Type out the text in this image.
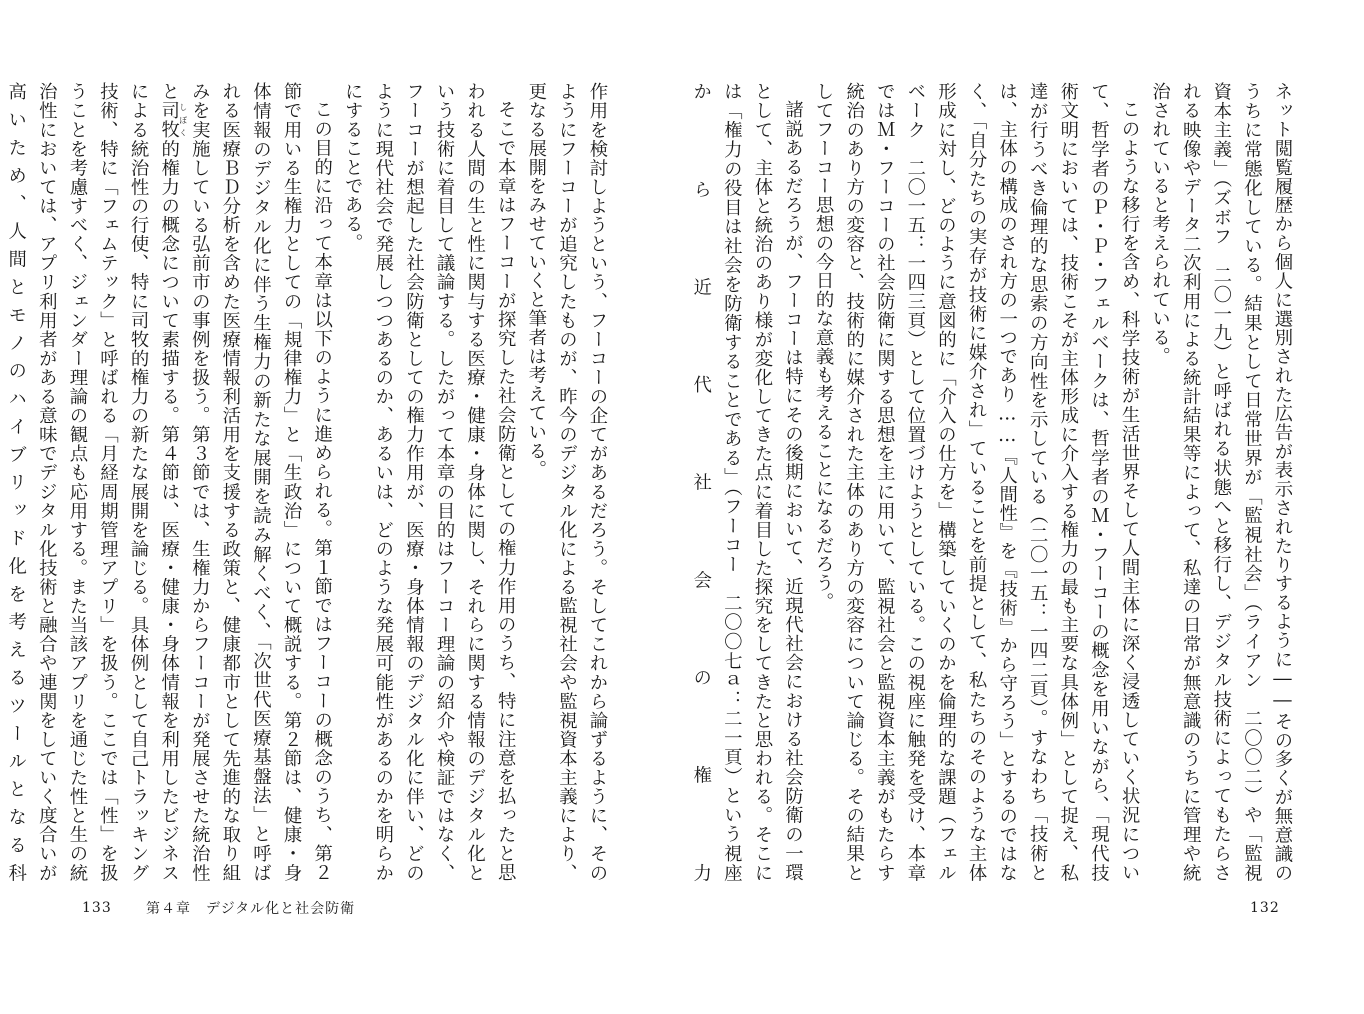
作用を検討しようという、フーコーの企てがあるだろう。そしてこれから論ずるように、そのようにフーコーが追究したものが、昨今のデジタル化による監視社会や監視資本主義により、更なる展開をみせていくと筆者は考えている。

そこで本章はフーコーが探究した社会防衛としての権力作用のうち、特に注意を払ったと思われる人間の生と性に関与する医療・健康・身体に関し、それらに関する情報のデジタル化という技術に着目して議論する。したがって本章の目的はフーコー理論の紹介や検証ではなく、フーコーが想起した社会防衛としての権力作用が、医療・身体情報のデジタル化に伴い、どのように現代社会で発展しつつあるのか、あるいは、どのような発展可能性があるのかを明らかにすることである。

この目的に沿って本章は以下のように進められる。第１節ではフーコーの概念のうち、第２節で用いる生権力としての「規律権力」と「生政治」について概説する。第２節は、健康・身体情報のデジタル化に伴う生権力の新たな展開を読み解くべく、「次世代医療基盤法」と呼ばれる医療ＢＤ分析を含めた医療情報利活用を支援する政策と、健康都市として先進的な取り組みを実施している弘前市の事例を扱う。第３節では、生権力からフーコーが発展させた統治性と司牧 しぼく的権力の概念について素描する。第４節は、医療・健康・身体情報を利用したビジネスによる統治性の行使、特に司牧的権力の新たな展開を論じる。具体例として自己トラッキング技術、特に「フェムテック」と呼ばれる「月経周期管理アプリ」を扱う。ここでは「性」を扱うことを考慮すべく、ジェンダー理論の観点も応用する。また当該アプリを通じた性と生の統治性においては、アプリ利用者がある意味でデジタル化技術と融合や連関をしていく度合いが高いため、人間とモノのハイブリッド化を考えるツールとなる科

133 第４章　デジタル化と社会防衛

ネット閲覧履歴から個人に選別された広告が表示されたりするように――その多くが無意識のうちに常態化している。結果として日常世界が「監視社会」（ライアン　二〇〇二）や「監視資本主義」（ズボフ　二〇一九）と呼ばれる状態へと移行し、デジタル技術によってもたらされる映像やデータ二次利用による統計結果等によって、私達の日常が無意識のうちに管理や統治されていると考えられている。

このような移行を含め、科学技術が生活世界そして人間主体に深く浸透していく状況について、哲学者のＰ・Ｐ・フェルベークは、哲学者のＭ・フーコーの概念を用いながら、「現代技術文明においては、技術こそが主体形成に介入する権力の最も主要な具体例」として捉え、私達が行うべき倫理的な思索の方向性を示している（二〇一五：一四二頁）。すなわち「技術とは、主体の構成のされ方の一つであり……『人間性』を『技術』から守ろう」とするのではなく、「自分たちの実存が技術に媒介され」ていることを前提として、私たちのそのような主体形成に対し、どのように意図的に「介入の仕方を」構築していくのかを倫理的な課題（フェルベーク　二〇一五：一四三頁）として位置づけようとしている。この視座に触発を受け、本章ではＭ・フーコーの社会防衛に関する思想を主に用いて、監視社会と監視資本主義がもたらす統治のあり方の変容と、技術的に媒介された主体のあり方の変容について論じる。その結果としてフーコー思想の今日的な意義も考えることになるだろう。

諸説あるだろうが、フーコーは特にその後期において、近現代社会における社会防衛の一環として、主体と統治のあり様が変化してきた点に着目した探究をしてきたと思われる。そこには「権力の役目は社会を防衛することである」（フーコー　二〇〇七ａ：二一頁）という視座から近代社会の権力

132
